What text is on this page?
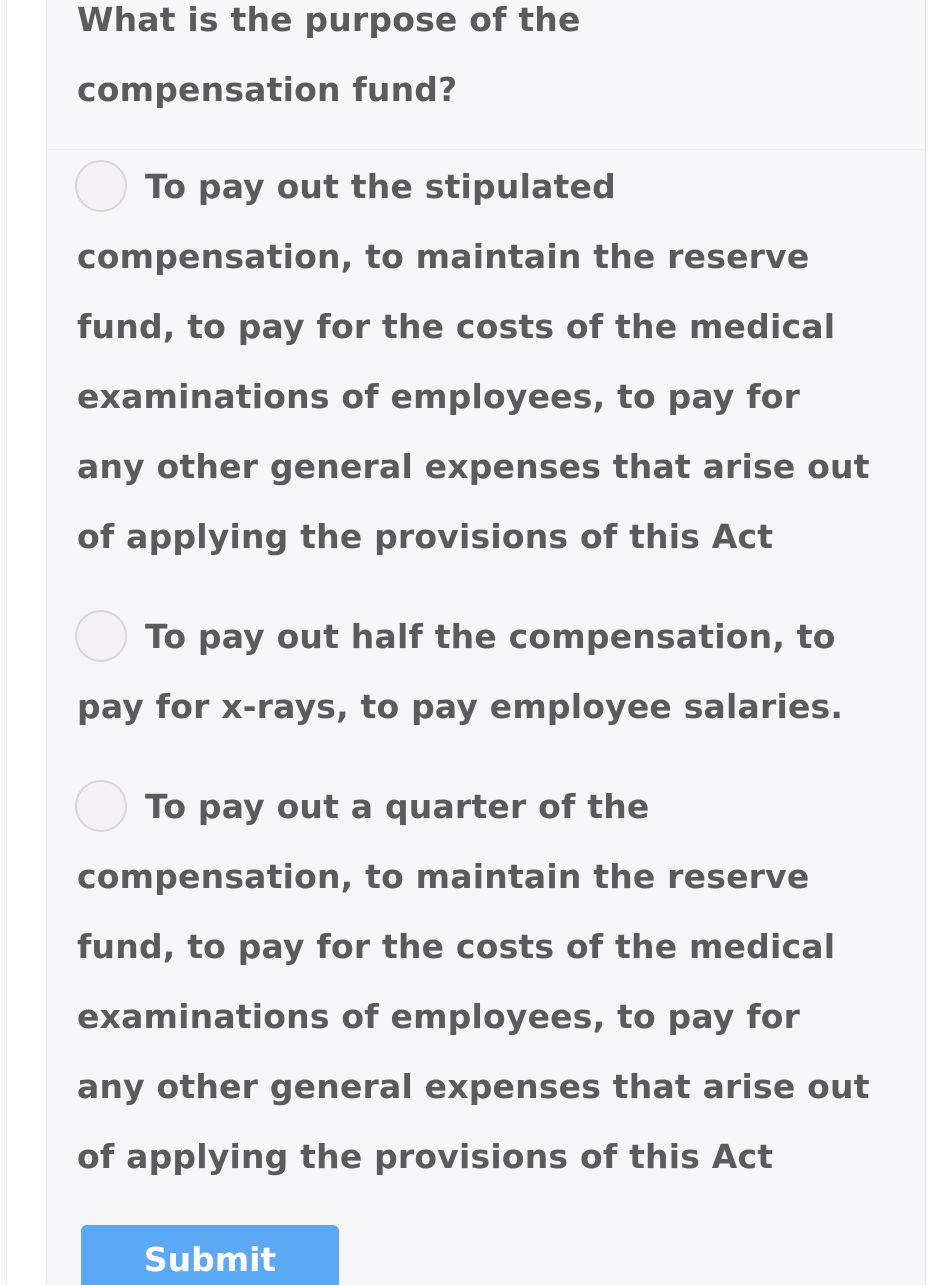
What is the purpose of the compensation fund?

To pay out the stipulated compensation, to maintain the reserve fund, to pay for the costs of the medical examinations of employees, to pay for any other general expenses that arise out of applying the provisions of this Act

To pay out half the compensation, to pay for x-rays, to pay employee salaries.

To pay out a quarter of the compensation, to maintain the reserve fund, to pay for the costs of the medical examinations of employees, to pay for any other general expenses that arise out of applying the provisions of this Act

Submit
